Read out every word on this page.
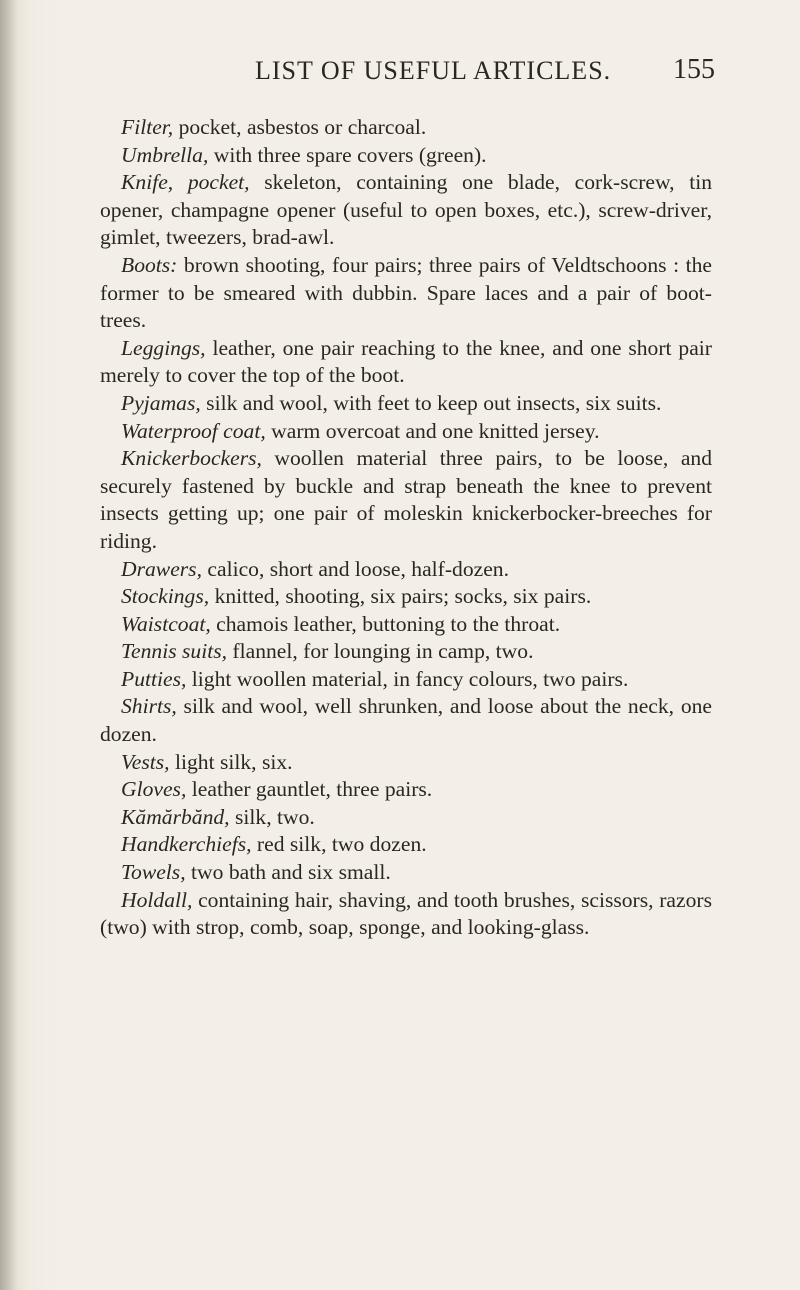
LIST OF USEFUL ARTICLES. 155

Filter, pocket, asbestos or charcoal.

Umbrella, with three spare covers (green).

Knife, pocket, skeleton, containing one blade, cork-screw, tin opener, champagne opener (useful to open boxes, etc.), screw-driver, gimlet, tweezers, brad-awl.

Boots: brown shooting, four pairs; three pairs of Veldtschoons : the former to be smeared with dubbin. Spare laces and a pair of boot-trees.

Leggings, leather, one pair reaching to the knee, and one short pair merely to cover the top of the boot.

Pyjamas, silk and wool, with feet to keep out insects, six suits.

Waterproof coat, warm overcoat and one knitted jersey.

Knickerbockers, woollen material three pairs, to be loose, and securely fastened by buckle and strap beneath the knee to prevent insects getting up; one pair of moleskin knickerbocker-breeches for riding.

Drawers, calico, short and loose, half-dozen.

Stockings, knitted, shooting, six pairs; socks, six pairs.

Waistcoat, chamois leather, buttoning to the throat.

Tennis suits, flannel, for lounging in camp, two.

Putties, light woollen material, in fancy colours, two pairs.

Shirts, silk and wool, well shrunken, and loose about the neck, one dozen.

Vests, light silk, six.

Gloves, leather gauntlet, three pairs.

Kămărbănd, silk, two.

Handkerchiefs, red silk, two dozen.

Towels, two bath and six small.

Holdall, containing hair, shaving, and tooth brushes, scissors, razors (two) with strop, comb, soap, sponge, and looking-glass.
